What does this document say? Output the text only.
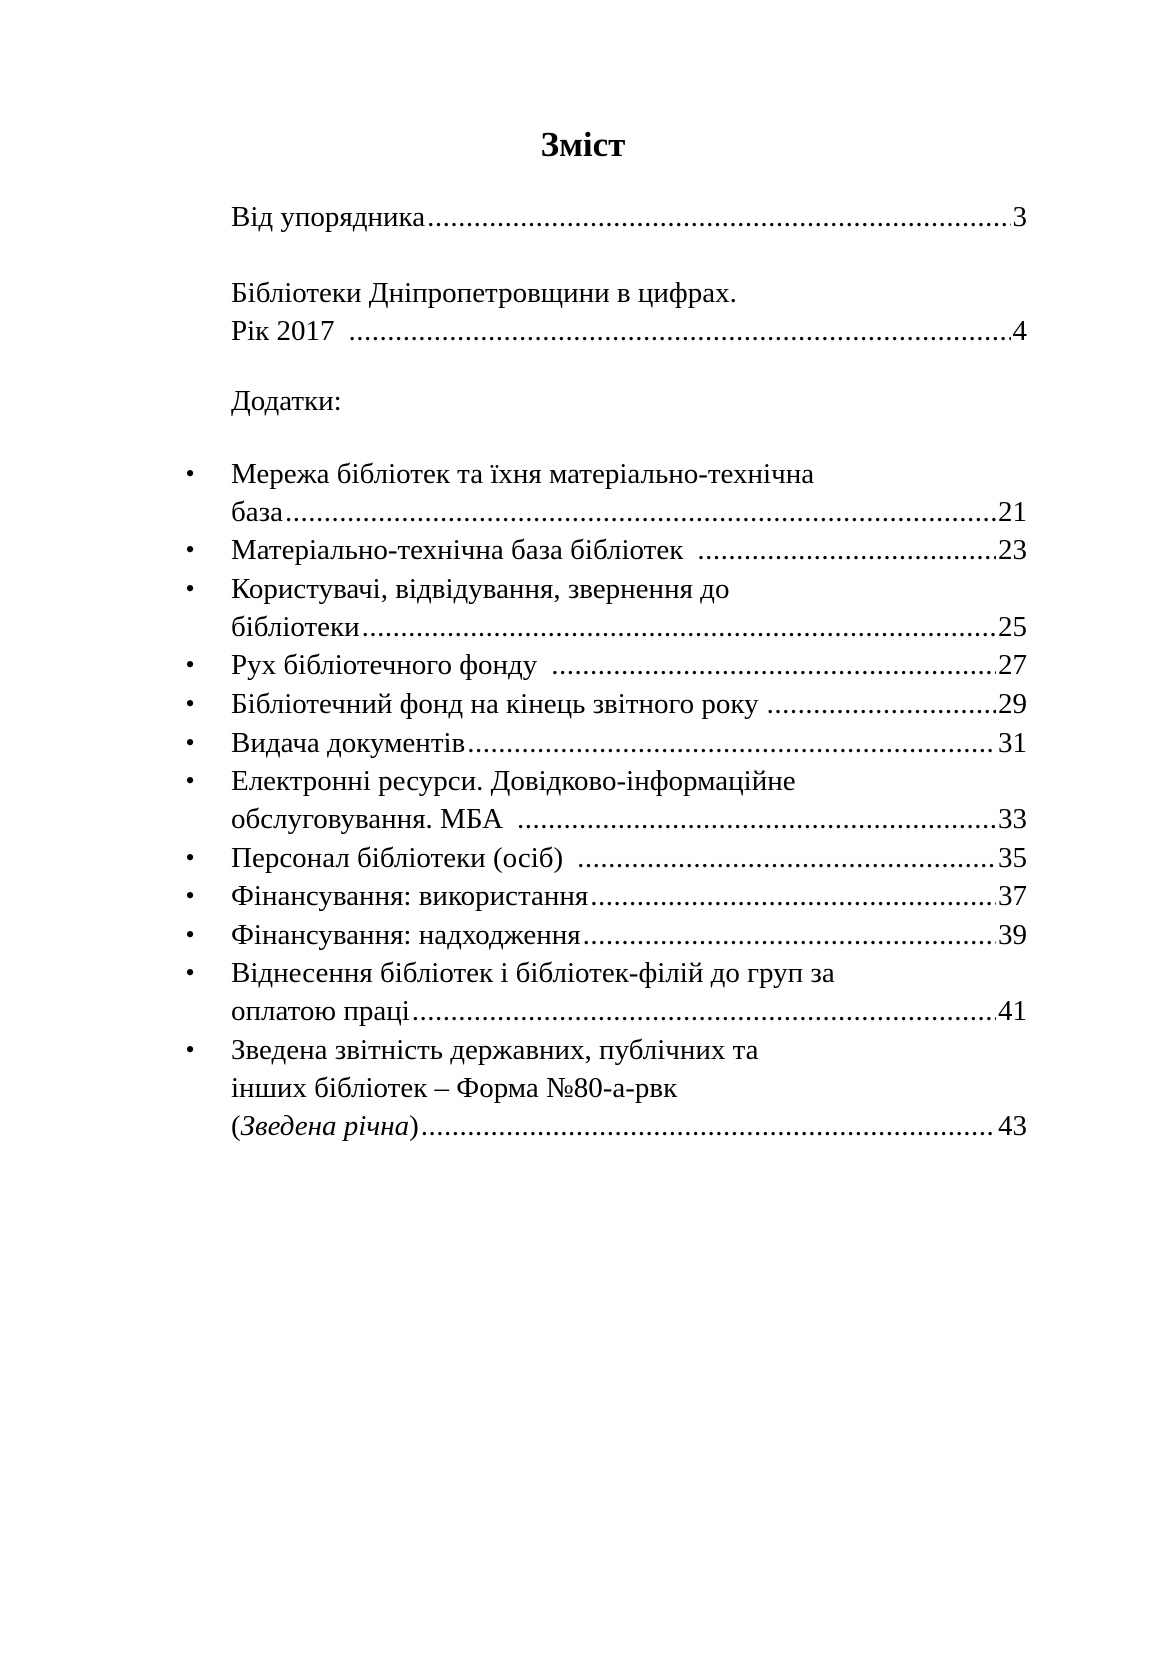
Зміст
Від упорядника .....	3
Бібліотеки Дніпропетровщини в цифрах.
Рік 2017 .....	4
Додатки:
• Мережа бібліотек та їхня матеріально-технічна
база .....	21
• Матеріально-технічна база бібліотек .....	23
• Користувачі, відвідування, звернення до
бібліотеки .....	25
• Рух бібліотечного фонду .....	27
• Бібліотечний фонд на кінець звітного року .....	29
• Видача документів .....	31
• Електронні ресурси. Довідково-інформаційне
обслуговування. МБА .....	33
• Персонал бібліотеки (осіб) .....	35
• Фінансування: використання .....	37
• Фінансування: надходження .....	39
• Віднесення бібліотек і бібліотек-філій до груп за
оплатою праці .....	41
• Зведена звітність державних, публічних та
інших бібліотек – Форма №80-а-рвк
(Зведена річна) .....	43
